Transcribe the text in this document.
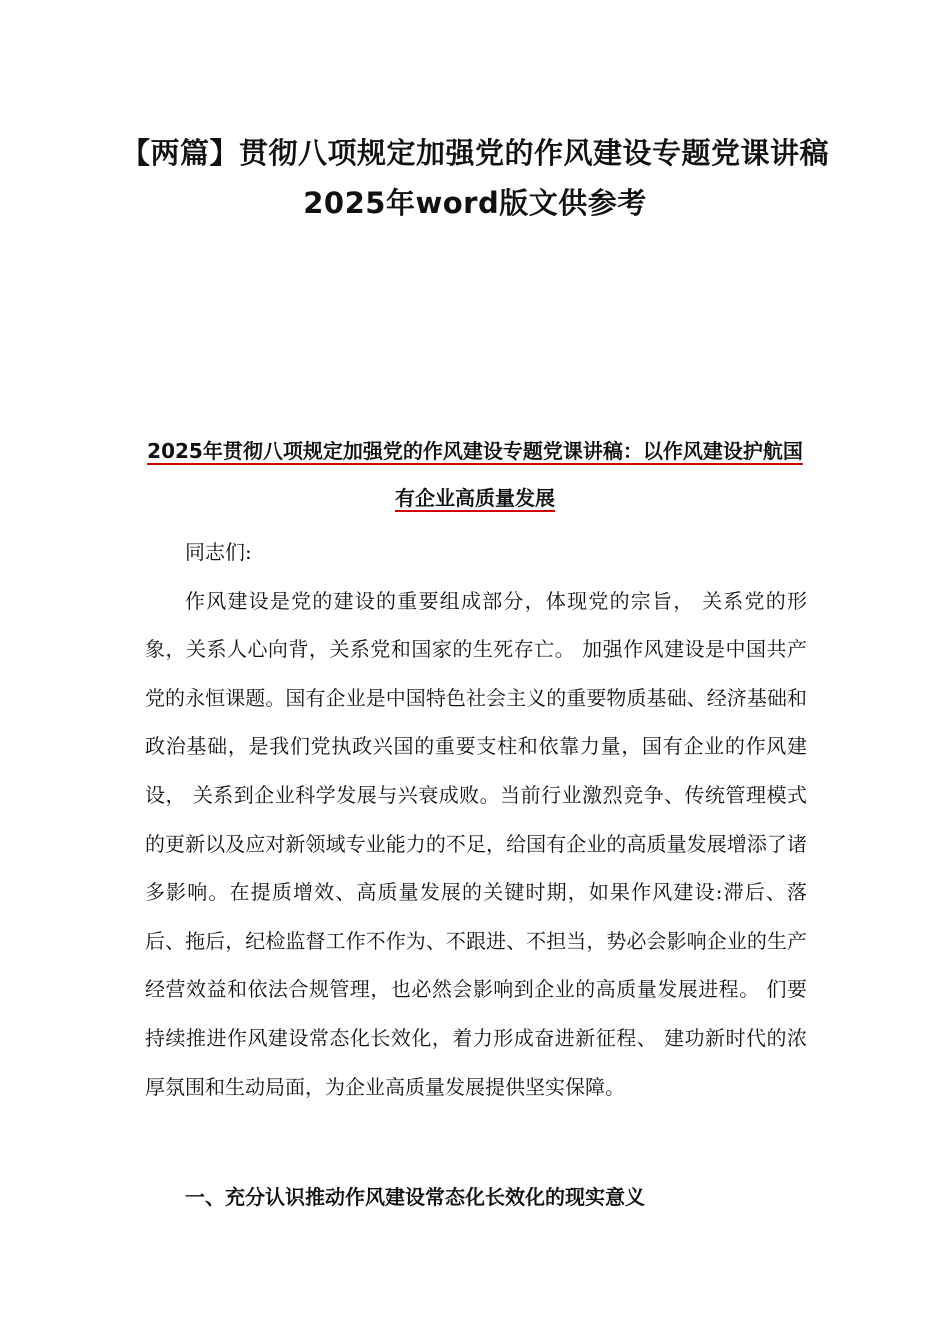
【两篇】贯彻八项规定加强党的作风建设专题党课讲稿2025年word版文供参考
2025年贯彻八项规定加强党的作风建设专题党课讲稿：以作风建设护航国有企业高质量发展

同志们:

作风建设是党的建设的重要组成部分，体现党的宗旨， 关系党的形象，关系人心向背，关系党和国家的生死存亡。 加强作风建设是中国共产党的永恒课题。国有企业是中国特色社会主义的重要物质基础、经济基础和政治基础，是我们党执政兴国的重要支柱和依靠力量，国有企业的作风建设， 关系到企业科学发展与兴衰成败。当前行业激烈竞争、传统管理模式的更新以及应对新领域专业能力的不足，给国有企业的高质量发展增添了诸多影响。在提质增效、高质量发展的关键时期，如果作风建设:滞后、落后、拖后，纪检监督工作不作为、不跟进、不担当，势必会影响企业的生产经营效益和依法合规管理，也必然会影响到企业的高质量发展进程。 们要持续推进作风建设常态化长效化，着力形成奋进新征程、 建功新时代的浓厚氛围和生动局面，为企业高质量发展提供坚实保障。

一、充分认识推动作风建设常态化长效化的现实意义
